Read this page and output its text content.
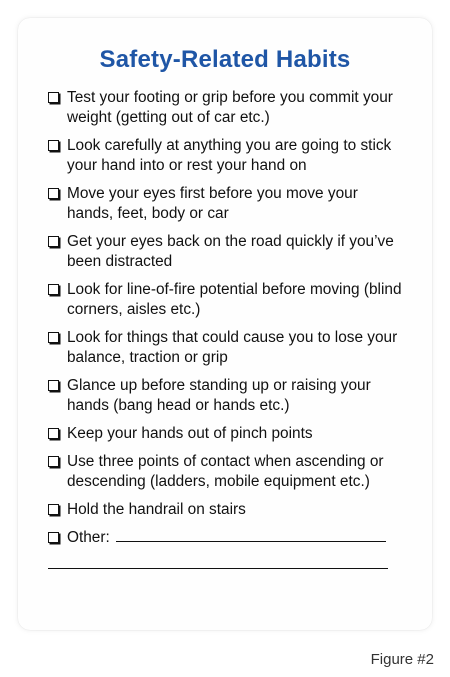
Safety-Related Habits
Test your footing or grip before you commit your weight (getting out of car etc.)
Look carefully at anything you are going to stick your hand into or rest your hand on
Move your eyes first before you move your hands, feet, body or car
Get your eyes back on the road quickly if you’ve been distracted
Look for line-of-fire potential before moving (blind corners, aisles etc.)
Look for things that could cause you to lose your balance, traction or grip
Glance up before standing up or raising your hands (bang head or hands etc.)
Keep your hands out of pinch points
Use three points of contact when ascending or descending (ladders, mobile equipment etc.)
Hold the handrail on stairs
Other:
Figure #2
